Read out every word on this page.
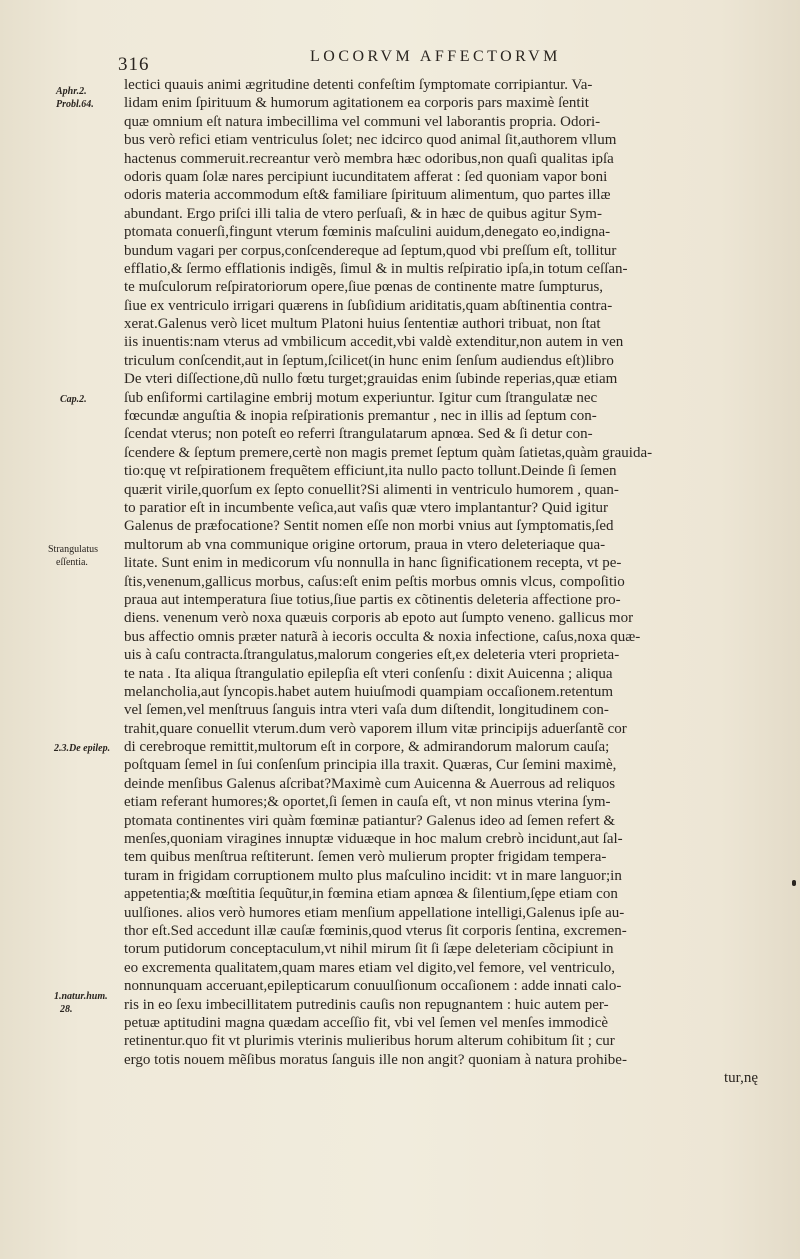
316	LOCORVM AFFECTORVM
Aphr.2.
Probl.64.
Cap.2.
Strangulatus
eſſentia.
2.3.De epilep.
1.natur.hum.
28.
lectici quauis animi ægritudine detenti confeſtim ſymptomate corripiantur. Va-
lidam enim ſpirituum & humorum agitationem ea corporis pars maximè ſentit
quæ omnium eſt natura imbecillima vel communi vel laborantis propria. Odori-
bus verò refici etiam ventriculus ſolet; nec idcirco quod animal ſit,authorem vllum
hactenus commeruit.recreantur verò membra hæc odoribus,non quaſi qualitas ipſa
odoris quam ſolæ nares percipiunt iucunditatem afferat : ſed quoniam vapor boni
odoris materia accommodum eſt& familiare ſpirituum alimentum, quo partes illæ
abundant. Ergo priſci illi talia de vtero perſuaſi, & in hæc de quibus agitur Sym-
ptomata conuerſi,fingunt vterum fœminis maſculini auidum,denegato eo,indigna-
bundum vagari per corpus,conſcendereque ad ſeptum,quod vbi preſſum eſt, tollitur
efflatio,& ſermo efflationis indigẽs, ſimul & in multis reſpiratio ipſa,in totum ceſſan-
te muſculorum reſpiratoriorum opere,ſiue pœnas de continente matre ſumpturus,
ſiue ex ventriculo irrigari quærens in ſubſidium ariditatis,quam abſtinentia contra-
xerat.Galenus verò licet multum Platoni huius ſententiæ authori tribuat, non ſtat
iis inuentis:nam vterus ad vmbilicum accedit,vbi valdè extenditur,non autem in ven
triculum conſcendit,aut in ſeptum,ſcilicet(in hunc enim ſenſum audiendus eſt)libro
De vteri diſſectione,dũ nullo fœtu turget;grauidas enim ſubinde reperias,quæ etiam
ſub enſiformi cartilagine embrij motum experiuntur. Igitur cum ſtrangulatæ nec
fœcundæ anguſtia & inopia reſpirationis premantur , nec in illis ad ſeptum con-
ſcendat vterus; non poteſt eo referri ſtrangulatarum apnœa. Sed & ſi detur con-
ſcendere & ſeptum premere,certè non magis premet ſeptum quàm ſatietas,quàm grauida-
tio:quę vt reſpirationem frequẽtem efficiunt,ita nullo pacto tollunt.Deinde ſi ſemen
quærit virile,quorſum ex ſepto conuellit?Si alimenti in ventriculo humorem , quan-
to paratior eſt in incumbente veſica,aut vaſis quæ vtero implantantur? Quid igitur
Galenus de præfocatione? Sentit nomen eſſe non morbi vnius aut ſymptomatis,ſed
multorum ab vna communique origine ortorum, praua in vtero deleteriaque qua-
litate. Sunt enim in medicorum vſu nonnulla in hanc ſignificationem recepta, vt pe-
ſtis,venenum,gallicus morbus, caſus:eſt enim peſtis morbus omnis vlcus, compoſitio
praua aut intemperatura ſiue totius,ſiue partis ex cõtinentis deleteria affectione pro-
diens. venenum verò noxa quæuis corporis ab epoto aut ſumpto veneno. gallicus mor
bus affectio omnis præter naturã à iecoris occulta & noxia infectione, caſus,noxa quæ-
uis à caſu contracta.ſtrangulatus,malorum congeries eſt,ex deleteria vteri proprieta-
te nata . Ita aliqua ſtrangulatio epilepſia eſt vteri conſenſu : dixit Auicenna ; aliqua
melancholia,aut ſyncopis.habet autem huiuſmodi quampiam occaſionem.retentum
vel ſemen,vel menſtruus ſanguis intra vteri vaſa dum diſtendit, longitudinem con-
trahit,quare conuellit vterum.dum verò vaporem illum vitæ principijs aduerſantẽ cor
di cerebroque remittit,multorum eſt in corpore, & admirandorum malorum cauſa;
poſtquam ſemel in ſui conſenſum principia illa traxit. Quæras, Cur ſemini maximè,
deinde menſibus Galenus aſcribat?Maximè cum Auicenna & Auerrous ad reliquos
etiam referant humores;& oportet,ſi ſemen in cauſa eſt, vt non minus vterina ſym-
ptomata continentes viri quàm fœminæ patiantur? Galenus ideo ad ſemen refert &
menſes,quoniam viragines innuptæ viduæque in hoc malum crebrò incidunt,aut ſal-
tem quibus menſtrua reſtiterunt. ſemen verò mulierum propter frigidam tempera-
turam in frigidam corruptionem multo plus maſculino incidit: vt in mare languor;in
appetentia;& mœſtitia ſequũtur,in fœmina etiam apnœa & ſilentium,ſępe etiam con
uulſiones. alios verò humores etiam menſium appellatione intelligi,Galenus ipſe au-
thor eſt.Sed accedunt illæ cauſæ fœminis,quod vterus ſit corporis ſentina, excremen-
torum putidorum conceptaculum,vt nihil mirum ſit ſi ſæpe deleteriam cõcipiunt in
eo excrementa qualitatem,quam mares etiam vel digito,vel femore, vel ventriculo,
nonnunquam acceruant,epilepticarum conuulſionum occaſionem : adde innati calo-
ris in eo ſexu imbecillitatem putredinis cauſis non repugnantem : huic autem per-
petuæ aptitudini magna quædam acceſſio fit, vbi vel ſemen vel menſes immodicè
retinentur.quo fit vt plurimis vterinis mulieribus horum alterum cohibitum ſit ; cur
ergo totis nouem mẽſibus moratus ſanguis ille non angit? quoniam à natura prohibe-
tur,nę
